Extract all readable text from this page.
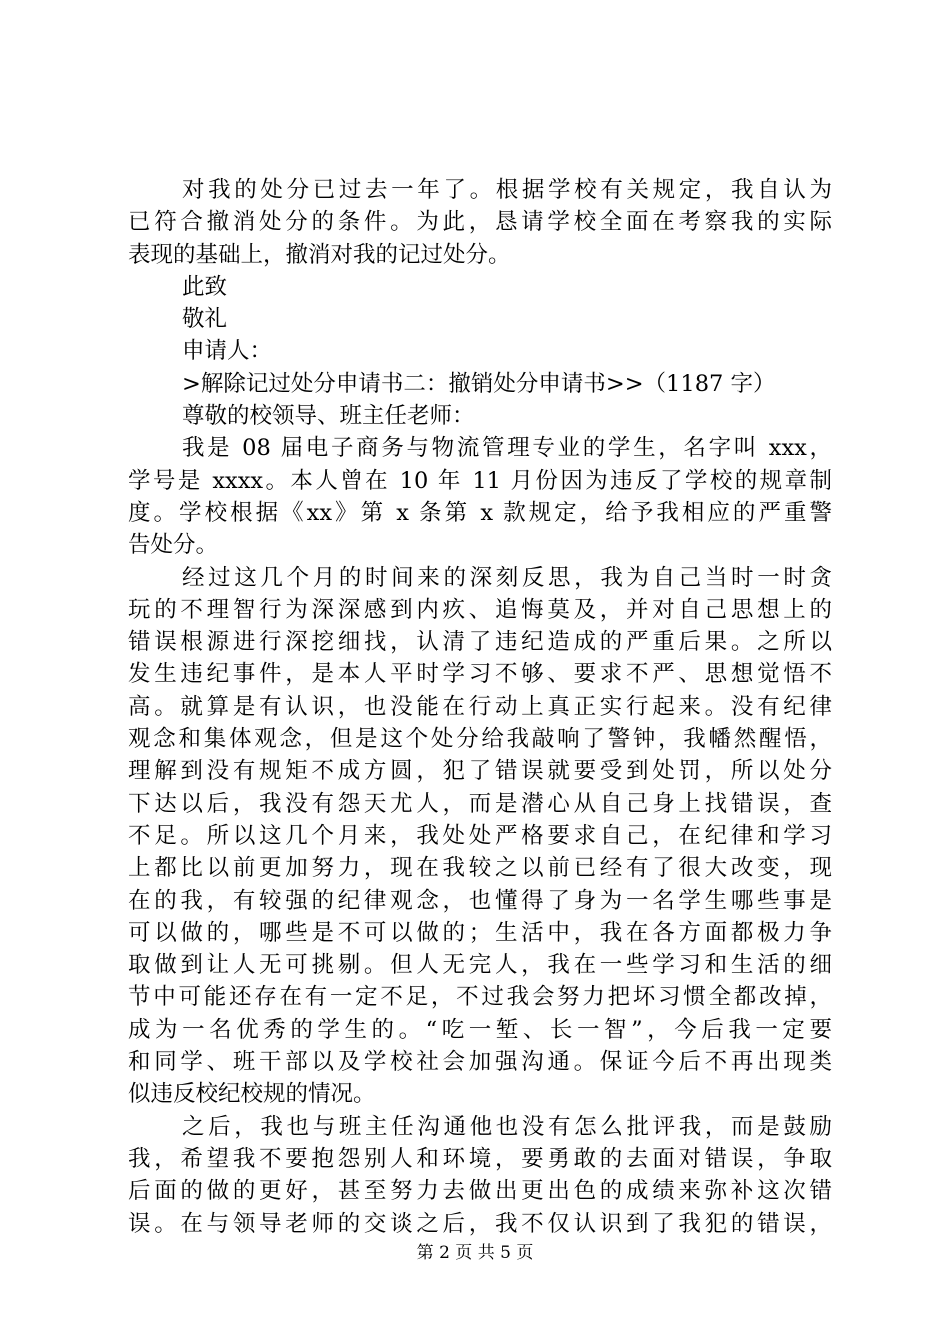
对我的处分已过去一年了。根据学校有关规定，我自认为
已符合撤消处分的条件。为此，恳请学校全面在考察我的实际
表现的基础上，撤消对我的记过处分。
此致
敬礼
申请人：
>解除记过处分申请书二：撤销处分申请书>>（1187 字）
尊敬的校领导、班主任老师：
我是 08 届电子商务与物流管理专业的学生，名字叫 xxx，
学号是 xxxx。本人曾在 10 年 11 月份因为违反了学校的规章制
度。学校根据《xx》第 x 条第 x 款规定，给予我相应的严重警
告处分。
经过这几个月的时间来的深刻反思，我为自己当时一时贪
玩的不理智行为深深感到内疚、追悔莫及，并对自己思想上的
错误根源进行深挖细找，认清了违纪造成的严重后果。之所以
发生违纪事件，是本人平时学习不够、要求不严、思想觉悟不
高。就算是有认识，也没能在行动上真正实行起来。没有纪律
观念和集体观念，但是这个处分给我敲响了警钟，我幡然醒悟，
理解到没有规矩不成方圆，犯了错误就要受到处罚，所以处分
下达以后，我没有怨天尤人，而是潜心从自己身上找错误，查
不足。所以这几个月来，我处处严格要求自己，在纪律和学习
上都比以前更加努力，现在我较之以前已经有了很大改变，现
在的我，有较强的纪律观念，也懂得了身为一名学生哪些事是
可以做的，哪些是不可以做的；生活中，我在各方面都极力争
取做到让人无可挑剔。但人无完人，我在一些学习和生活的细
节中可能还存在有一定不足，不过我会努力把坏习惯全都改掉，
成为一名优秀的学生的。“吃一堑、长一智”，今后我一定要
和同学、班干部以及学校社会加强沟通。保证今后不再出现类
似违反校纪校规的情况。
之后，我也与班主任沟通他也没有怎么批评我，而是鼓励
我，希望我不要抱怨别人和环境，要勇敢的去面对错误，争取
后面的做的更好，甚至努力去做出更出色的成绩来弥补这次错
误。在与领导老师的交谈之后，我不仅认识到了我犯的错误，
第 2 页 共 5 页
